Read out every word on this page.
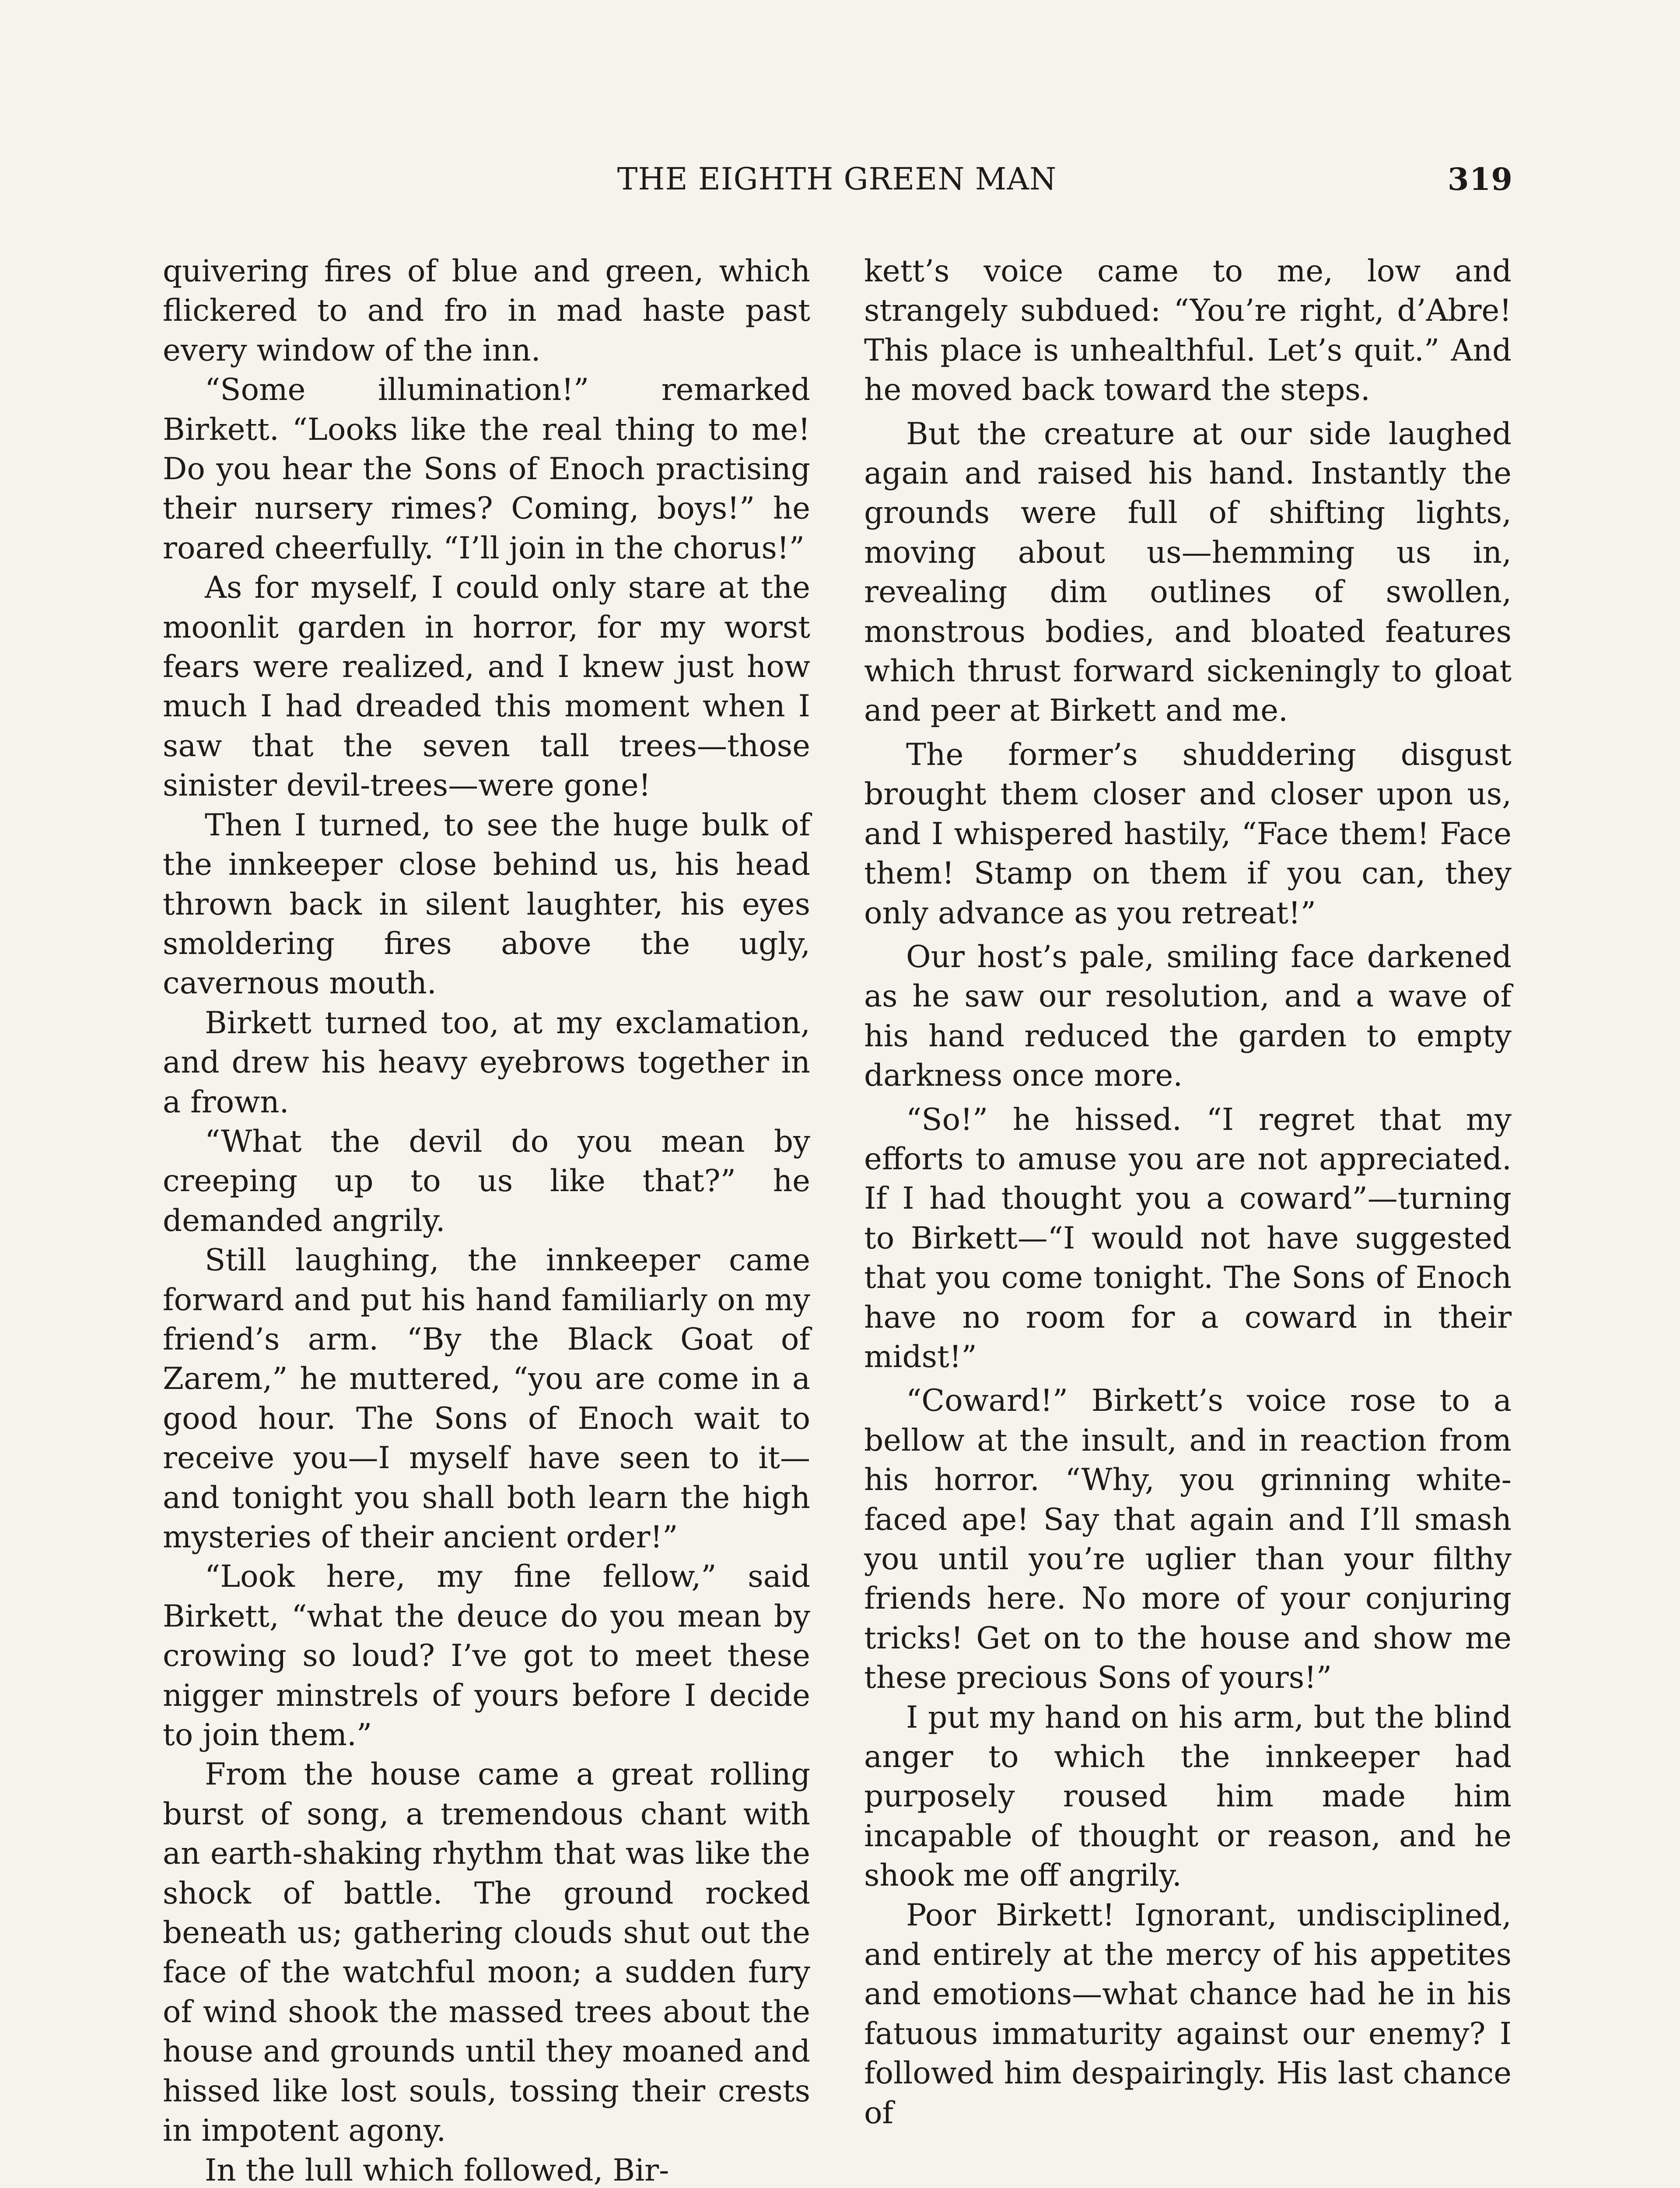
THE EIGHTH GREEN MAN	319

quivering fires of blue and green, which flickered to and fro in mad haste past every window of the inn.

“Some illumination!” remarked Birkett. “Looks like the real thing to me! Do you hear the Sons of Enoch practising their nursery rimes? Coming, boys!” he roared cheerfully. “I’ll join in the chorus!”

As for myself, I could only stare at the moonlit garden in horror, for my worst fears were realized, and I knew just how much I had dreaded this moment when I saw that the seven tall trees—those sinister devil-trees—were gone!

Then I turned, to see the huge bulk of the innkeeper close behind us, his head thrown back in silent laughter, his eyes smoldering fires above the ugly, cavernous mouth.

Birkett turned too, at my exclamation, and drew his heavy eyebrows together in a frown.

“What the devil do you mean by creeping up to us like that?” he demanded angrily.

Still laughing, the innkeeper came forward and put his hand familiarly on my friend’s arm. “By the Black Goat of Zarem,” he muttered, “you are come in a good hour. The Sons of Enoch wait to receive you—I myself have seen to it—and tonight you shall both learn the high mysteries of their ancient order!”

“Look here, my fine fellow,” said Birkett, “what the deuce do you mean by crowing so loud? I’ve got to meet these nigger minstrels of yours before I decide to join them.”

From the house came a great rolling burst of song, a tremendous chant with an earth-shaking rhythm that was like the shock of battle. The ground rocked beneath us; gathering clouds shut out the face of the watchful moon; a sudden fury of wind shook the massed trees about the house and grounds until they moaned and hissed like lost souls, tossing their crests in impotent agony.

In the lull which followed, Bir-

kett’s voice came to me, low and strangely subdued: “You’re right, d’Abre! This place is unhealthful. Let’s quit.” And he moved back toward the steps.

But the creature at our side laughed again and raised his hand. Instantly the grounds were full of shifting lights, moving about us—hemming us in, revealing dim outlines of swollen, monstrous bodies, and bloated features which thrust forward sickeningly to gloat and peer at Birkett and me.

The former’s shuddering disgust brought them closer and closer upon us, and I whispered hastily, “Face them! Face them! Stamp on them if you can, they only advance as you retreat!”

Our host’s pale, smiling face darkened as he saw our resolution, and a wave of his hand reduced the garden to empty darkness once more.

“So!” he hissed. “I regret that my efforts to amuse you are not appreciated. If I had thought you a coward”—turning to Birkett—“I would not have suggested that you come tonight. The Sons of Enoch have no room for a coward in their midst!”

“Coward!” Birkett’s voice rose to a bellow at the insult, and in reaction from his horror. “Why, you grinning white-faced ape! Say that again and I’ll smash you until you’re uglier than your filthy friends here. No more of your conjuring tricks! Get on to the house and show me these precious Sons of yours!”

I put my hand on his arm, but the blind anger to which the innkeeper had purposely roused him made him incapable of thought or reason, and he shook me off angrily.

Poor Birkett! Ignorant, undisciplined, and entirely at the mercy of his appetites and emotions—what chance had he in his fatuous immaturity against our enemy? I followed him despairingly. His last chance of
